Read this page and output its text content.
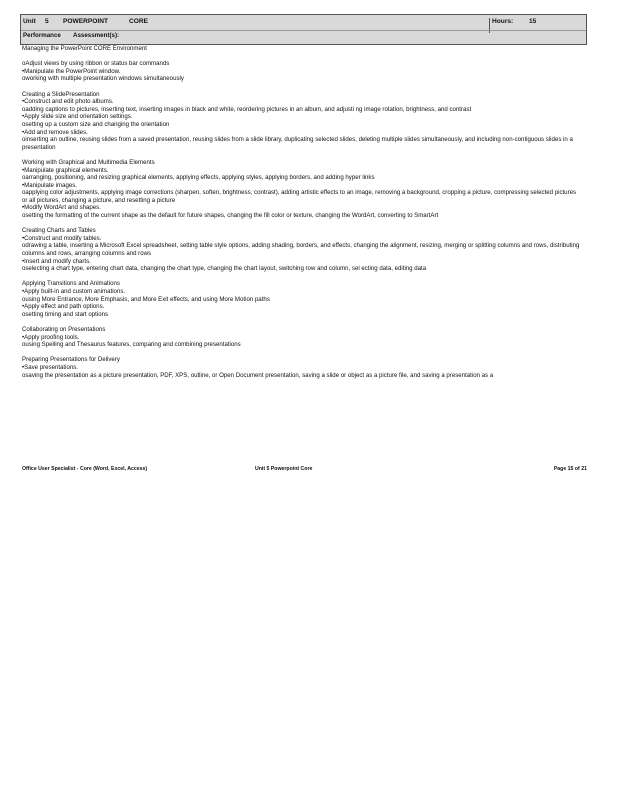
Unit 5 POWERPOINT	CORE	Hours: 15
Performance Assessment(s):
Managing the PowerPoint CORE Environment
oAdjust views by using ribbon or status bar commands
•Manipulate the PowerPoint window.
oworking with multiple presentation windows simultaneously
Creating a SlidePresentation
•Construct and edit photo albums.
oadding captions to pictures, inserting text, inserting images in black and white, reordering pictures in an album, and adjusti ng image rotation, brightness, and contrast
•Apply slide size and orientation settings.
osetting up a custom size and changing the orientation
•Add and remove slides.
oinserting an outline, reusing slides from a saved presentation, reusing slides from a slide library, duplicating selected slides, deleting multiple slides simultaneously, and including non-contiguous slides in a presentation
Working with Graphical and Multimedia Elements
•Manipulate graphical elements.
oarranging, positioning, and resizing graphical elements, applying effects, applying styles, applying borders, and adding hyper links
•Manipulate images.
oapplying color adjustments, applying image corrections (sharpen, soften, brightness, contrast), adding artistic effects to an image, removing a background, cropping a picture, compressing selected pictures or all pictures, changing a picture, and resetting a picture
•Modify WordArt and shapes.
osetting the formatting of the current shape as the default for future shapes, changing the fill color or texture, changing the WordArt, converting to SmartArt
Creating Charts and Tables
•Construct and modify tables.
odrawing a table, inserting a Microsoft Excel spreadsheet, setting table style options, adding shading, borders, and effects, changing the alignment, resizing, merging or splitting columns and rows, distributing columns and rows, arranging columns and rows
•Insert and modify charts.
oselecting a chart type, entering chart data, changing the chart type, changing the chart layout, switching row and column, sel ecting data, editing data
Applying Transitions and Animations
•Apply built-in and custom animations.
ousing More Entrance, More Emphasis, and More Exit effects, and using More Motion paths
•Apply effect and path options.
osetting timing and start options
Collaborating on Presentations
•Apply proofing tools.
ousing Spelling and Thesaurus features, comparing and combining presentations
Preparing Presentations for Delivery
•Save presentations.
osaving the presentation as a picture presentation, PDF, XPS, outline, or Open Document presentation, saving a slide or object as a picture file, and saving a presentation as a
Office User Specialist - Core (Word, Excel, Access)	Unit 5 Powerpoint Core	Page 15 of 21
